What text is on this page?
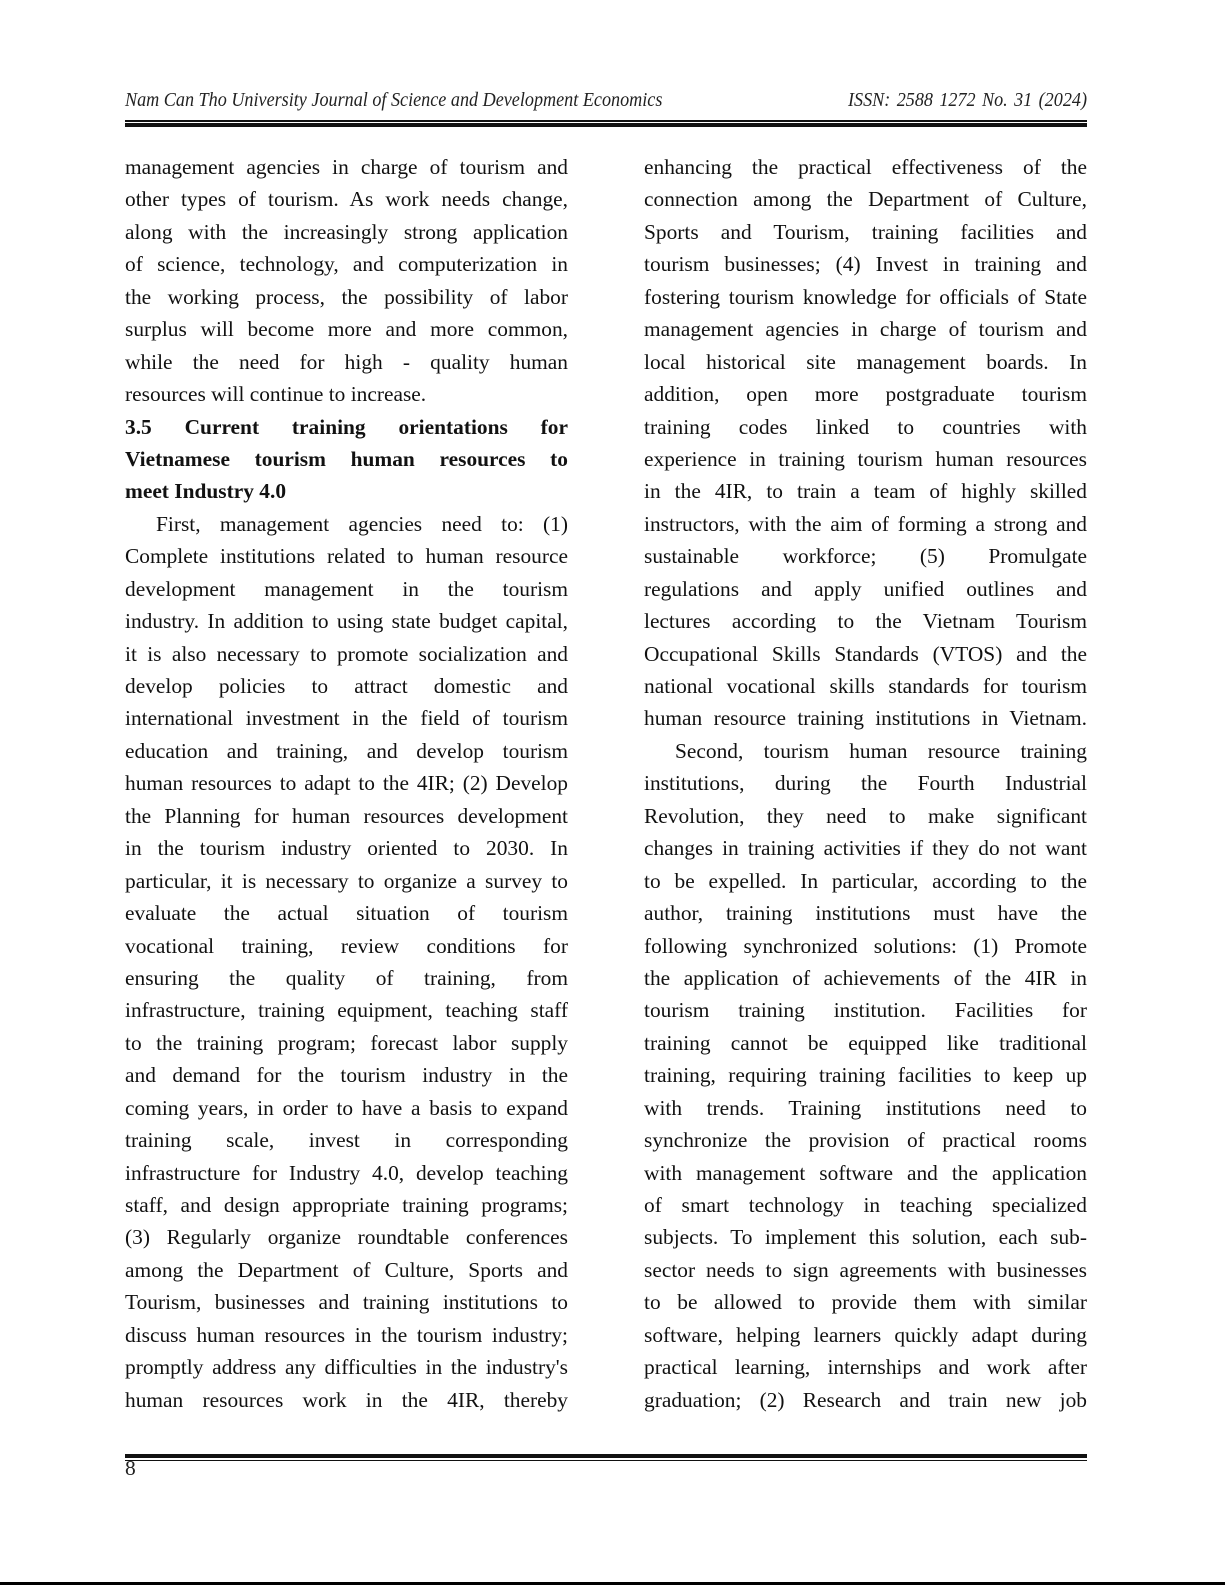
Nam Can Tho University Journal of Science and Development Economics	ISSN: 2588 1272 No. 31 (2024)
management agencies in charge of tourism and
other types of tourism. As work needs change,
along with the increasingly strong application
of science, technology, and computerization in
the working process, the possibility of labor
surplus will become more and more common,
while the need for high - quality human
resources will continue to increase.
3.5 Current training orientations for
Vietnamese tourism human resources to
meet Industry 4.0
First, management agencies need to: (1)
Complete institutions related to human resource
development management in the tourism
industry. In addition to using state budget capital,
it is also necessary to promote socialization and
develop policies to attract domestic and
international investment in the field of tourism
education and training, and develop tourism
human resources to adapt to the 4IR; (2) Develop
the Planning for human resources development
in the tourism industry oriented to 2030. In
particular, it is necessary to organize a survey to
evaluate the actual situation of tourism
vocational training, review conditions for
ensuring the quality of training, from
infrastructure, training equipment, teaching staff
to the training program; forecast labor supply
and demand for the tourism industry in the
coming years, in order to have a basis to expand
training scale, invest in corresponding
infrastructure for Industry 4.0, develop teaching
staff, and design appropriate training programs;
(3) Regularly organize roundtable conferences
among the Department of Culture, Sports and
Tourism, businesses and training institutions to
discuss human resources in the tourism industry;
promptly address any difficulties in the industry's
human resources work in the 4IR, thereby
enhancing the practical effectiveness of the
connection among the Department of Culture,
Sports and Tourism, training facilities and
tourism businesses; (4) Invest in training and
fostering tourism knowledge for officials of State
management agencies in charge of tourism and
local historical site management boards. In
addition, open more postgraduate tourism
training codes linked to countries with
experience in training tourism human resources
in the 4IR, to train a team of highly skilled
instructors, with the aim of forming a strong and
sustainable workforce; (5) Promulgate
regulations and apply unified outlines and
lectures according to the Vietnam Tourism
Occupational Skills Standards (VTOS) and the
national vocational skills standards for tourism
human resource training institutions in Vietnam.
Second, tourism human resource training
institutions, during the Fourth Industrial
Revolution, they need to make significant
changes in training activities if they do not want
to be expelled. In particular, according to the
author, training institutions must have the
following synchronized solutions: (1) Promote
the application of achievements of the 4IR in
tourism training institution. Facilities for
training cannot be equipped like traditional
training, requiring training facilities to keep up
with trends. Training institutions need to
synchronize the provision of practical rooms
with management software and the application
of smart technology in teaching specialized
subjects. To implement this solution, each sub-
sector needs to sign agreements with businesses
to be allowed to provide them with similar
software, helping learners quickly adapt during
practical learning, internships and work after
graduation; (2) Research and train new job
8
